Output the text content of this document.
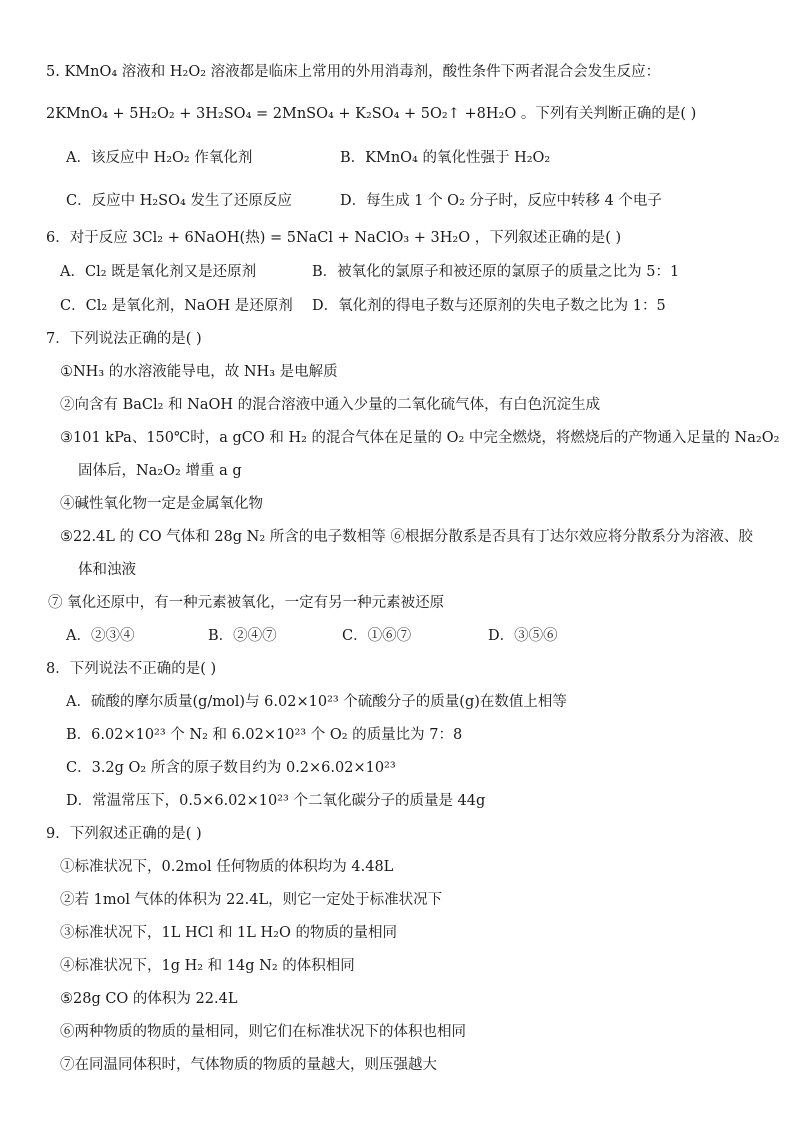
5. KMnO₄ 溶液和 H₂O₂ 溶液都是临床上常用的外用消毒剂，酸性条件下两者混合会发生反应：
2KMnO₄ + 5H₂O₂ + 3H₂SO₄ = 2MnSO₄ + K₂SO₄ + 5O₂↑ +8H₂O 。下列有关判断正确的是( )
A．该反应中 H₂O₂ 作氧化剂	B．KMnO₄ 的氧化性强于 H₂O₂
C．反应中 H₂SO₄ 发生了还原反应	D．每生成 1 个 O₂ 分子时，反应中转移 4 个电子
6．对于反应 3Cl₂ + 6NaOH(热) = 5NaCl + NaClO₃ + 3H₂O ，下列叙述正确的是( )
A．Cl₂ 既是氧化剂又是还原剂	B．被氧化的氯原子和被还原的氯原子的质量之比为 5：1
C．Cl₂ 是氧化剂，NaOH 是还原剂 D．氧化剂的得电子数与还原剂的失电子数之比为 1：5
7．下列说法正确的是( )
①NH₃ 的水溶液能导电，故 NH₃ 是电解质
②向含有 BaCl₂ 和 NaOH 的混合溶液中通入少量的二氧化硫气体，有白色沉淀生成
③101 kPa、150℃时，a gCO 和 H₂ 的混合气体在足量的 O₂ 中完全燃烧，将燃烧后的产物通入足量的 Na₂O₂
固体后，Na₂O₂ 增重 a g
④碱性氧化物一定是金属氧化物
⑤22.4L 的 CO 气体和 28g N₂ 所含的电子数相等 ⑥根据分散系是否具有丁达尔效应将分散系分为溶液、胶
体和浊液
⑦ 氧化还原中，有一种元素被氧化，一定有另一种元素被还原
A．②③④	B．②④⑦	C．①⑥⑦	D．③⑤⑥
8．下列说法不正确的是( )
A．硫酸的摩尔质量(g/mol)与 6.02×10²³ 个硫酸分子的质量(g)在数值上相等
B．6.02×10²³ 个 N₂ 和 6.02×10²³ 个 O₂ 的质量比为 7：8
C．3.2g O₂ 所含的原子数目约为 0.2×6.02×10²³
D．常温常压下，0.5×6.02×10²³ 个二氧化碳分子的质量是 44g
9．下列叙述正确的是( )
①标准状况下，0.2mol 任何物质的体积均为 4.48L
②若 1mol 气体的体积为 22.4L，则它一定处于标准状况下
③标准状况下，1L HCl 和 1L H₂O 的物质的量相同
④标准状况下，1g H₂ 和 14g N₂ 的体积相同
⑤28g CO 的体积为 22.4L
⑥两种物质的物质的量相同，则它们在标准状况下的体积也相同
⑦在同温同体积时，气体物质的物质的量越大，则压强越大
